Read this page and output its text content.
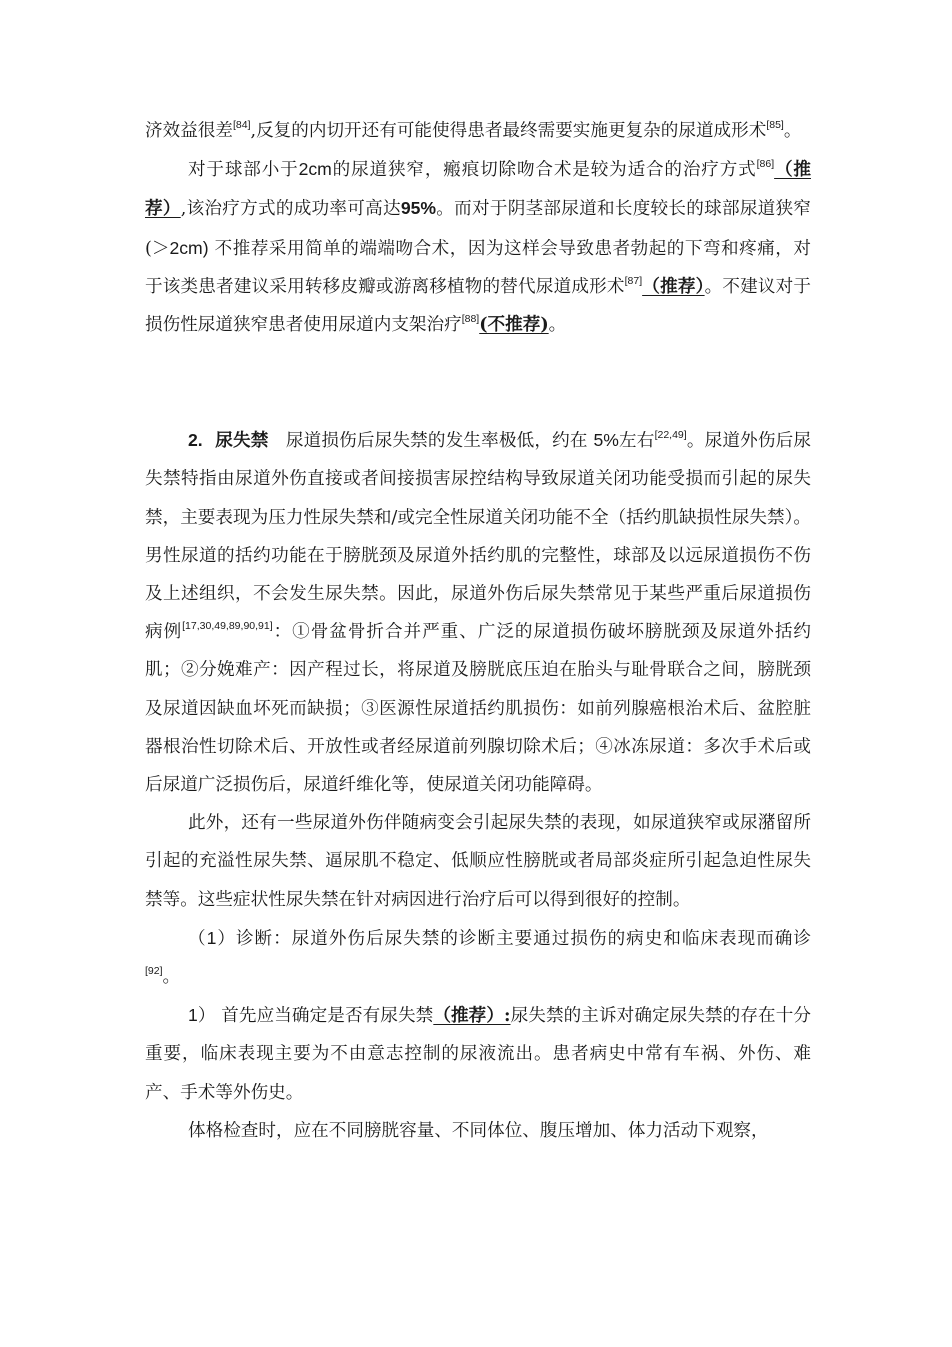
济效益很差[84],反复的内切开还有可能使得患者最终需要实施更复杂的尿道成形术[85]。

对于球部小于2cm的尿道狭窄，瘢痕切除吻合术是较为适合的治疗方式[86]（推荐）,该治疗方式的成功率可高达95%。而对于阴茎部尿道和长度较长的球部尿道狭窄(＞2cm) 不推荐采用简单的端端吻合术，因为这样会导致患者勃起的下弯和疼痛，对于该类患者建议采用转移皮瓣或游离移植物的替代尿道成形术[87]（推荐）。不建议对于损伤性尿道狭窄患者使用尿道内支架治疗[88](不推荐)。

2. 尿失禁 尿道损伤后尿失禁的发生率极低，约在 5%左右[22,49]。尿道外伤后尿失禁特指由尿道外伤直接或者间接损害尿控结构导致尿道关闭功能受损而引起的尿失禁，主要表现为压力性尿失禁和/或完全性尿道关闭功能不全（括约肌缺损性尿失禁）。男性尿道的括约功能在于膀胱颈及尿道外括约肌的完整性，球部及以远尿道损伤不伤及上述组织，不会发生尿失禁。因此，尿道外伤后尿失禁常见于某些严重后尿道损伤病例[17,30,49,89,90,91]：①骨盆骨折合并严重、广泛的尿道损伤破坏膀胱颈及尿道外括约肌；②分娩难产：因产程过长，将尿道及膀胱底压迫在胎头与耻骨联合之间，膀胱颈及尿道因缺血坏死而缺损；③医源性尿道括约肌损伤：如前列腺癌根治术后、盆腔脏器根治性切除术后、开放性或者经尿道前列腺切除术后；④冰冻尿道：多次手术后或后尿道广泛损伤后，尿道纤维化等，使尿道关闭功能障碍。

此外，还有一些尿道外伤伴随病变会引起尿失禁的表现，如尿道狭窄或尿潴留所引起的充溢性尿失禁、逼尿肌不稳定、低顺应性膀胱或者局部炎症所引起急迫性尿失禁等。这些症状性尿失禁在针对病因进行治疗后可以得到很好的控制。

（1）诊断：尿道外伤后尿失禁的诊断主要通过损伤的病史和临床表现而确诊[92]。

1） 首先应当确定是否有尿失禁（推荐）:尿失禁的主诉对确定尿失禁的存在十分重要，临床表现主要为不由意志控制的尿液流出。患者病史中常有车祸、外伤、难产、手术等外伤史。

体格检查时，应在不同膀胱容量、不同体位、腹压增加、体力活动下观察，
